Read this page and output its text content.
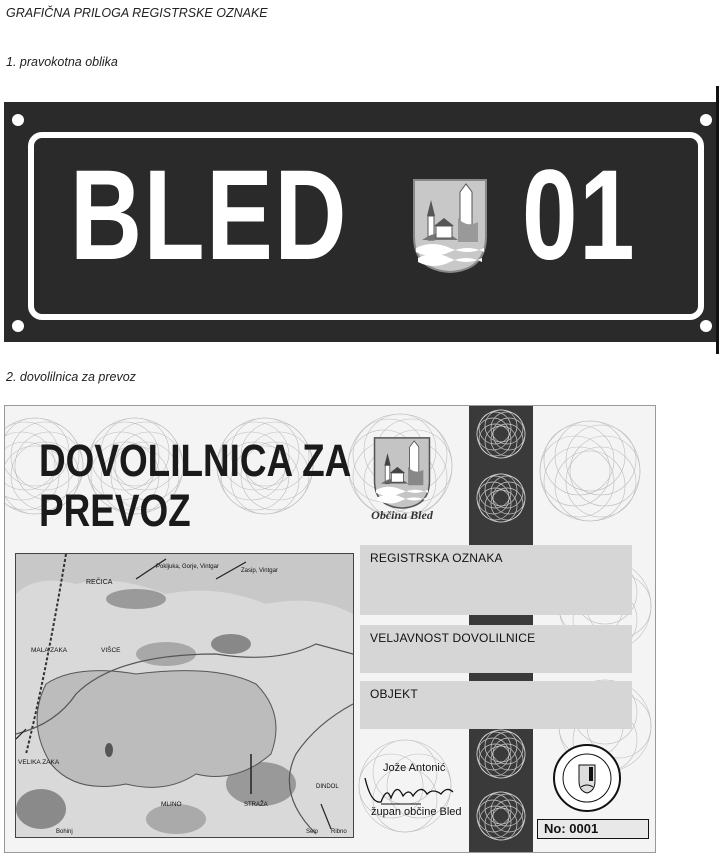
GRAFIČNA PRILOGA REGISTRSKE OZNAKE
1. pravokotna oblika
BLED 01
2. dovolilnica za prevoz
DOVOLILNICA ZA
PREVOZ	Občina Bled
REČICA
Pokljuka, Gorje, Vintgar
Zasip, Vintgar
MALA ZAKA	VIŠCE
VELIKA ZAKA
MLINO	STRAŽA
DINDOL
Bohinj	Selo Ribno
REGISTRSKA OZNAKA
VELJAVNOST DOVOLILNICE
OBJEKT
Jože Antonić
župan občine Bled
No: 0001
